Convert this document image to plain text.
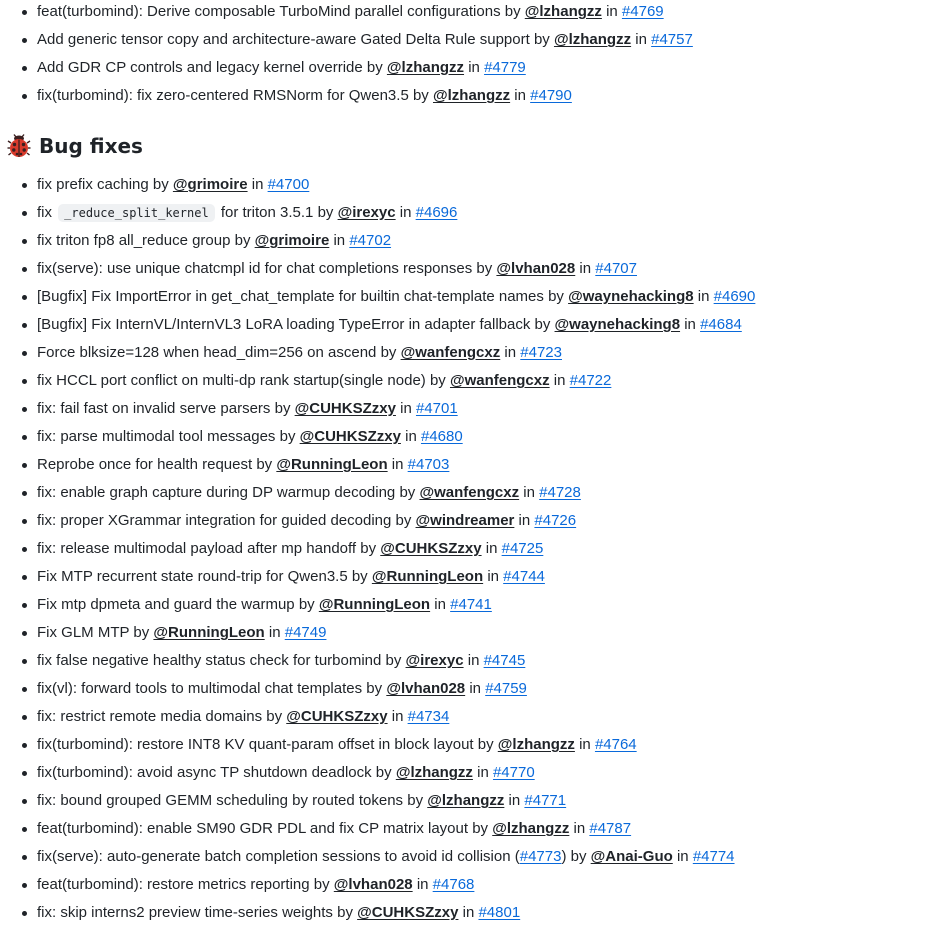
feat(turbomind): Derive composable TurboMind parallel configurations by @lzhangzz in #4769
Add generic tensor copy and architecture-aware Gated Delta Rule support by @lzhangzz in #4757
Add GDR CP controls and legacy kernel override by @lzhangzz in #4779
fix(turbomind): fix zero-centered RMSNorm for Qwen3.5 by @lzhangzz in #4790
Bug fixes
fix prefix caching by @grimoire in #4700
fix _reduce_split_kernel for triton 3.5.1 by @irexyc in #4696
fix triton fp8 all_reduce group by @grimoire in #4702
fix(serve): use unique chatcmpl id for chat completions responses by @lvhan028 in #4707
[Bugfix] Fix ImportError in get_chat_template for builtin chat-template names by @waynehacking8 in #4690
[Bugfix] Fix InternVL/InternVL3 LoRA loading TypeError in adapter fallback by @waynehacking8 in #4684
Force blksize=128 when head_dim=256 on ascend by @wanfengcxz in #4723
fix HCCL port conflict on multi-dp rank startup(single node) by @wanfengcxz in #4722
fix: fail fast on invalid serve parsers by @CUHKSZzxy in #4701
fix: parse multimodal tool messages by @CUHKSZzxy in #4680
Reprobe once for health request by @RunningLeon in #4703
fix: enable graph capture during DP warmup decoding by @wanfengcxz in #4728
fix: proper XGrammar integration for guided decoding by @windreamer in #4726
fix: release multimodal payload after mp handoff by @CUHKSZzxy in #4725
Fix MTP recurrent state round-trip for Qwen3.5 by @RunningLeon in #4744
Fix mtp dpmeta and guard the warmup by @RunningLeon in #4741
Fix GLM MTP by @RunningLeon in #4749
fix false negative healthy status check for turbomind by @irexyc in #4745
fix(vl): forward tools to multimodal chat templates by @lvhan028 in #4759
fix: restrict remote media domains by @CUHKSZzxy in #4734
fix(turbomind): restore INT8 KV quant-param offset in block layout by @lzhangzz in #4764
fix(turbomind): avoid async TP shutdown deadlock by @lzhangzz in #4770
fix: bound grouped GEMM scheduling by routed tokens by @lzhangzz in #4771
feat(turbomind): enable SM90 GDR PDL and fix CP matrix layout by @lzhangzz in #4787
fix(serve): auto-generate batch completion sessions to avoid id collision (#4773) by @Anai-Guo in #4774
feat(turbomind): restore metrics reporting by @lvhan028 in #4768
fix: skip interns2 preview time-series weights by @CUHKSZzxy in #4801
